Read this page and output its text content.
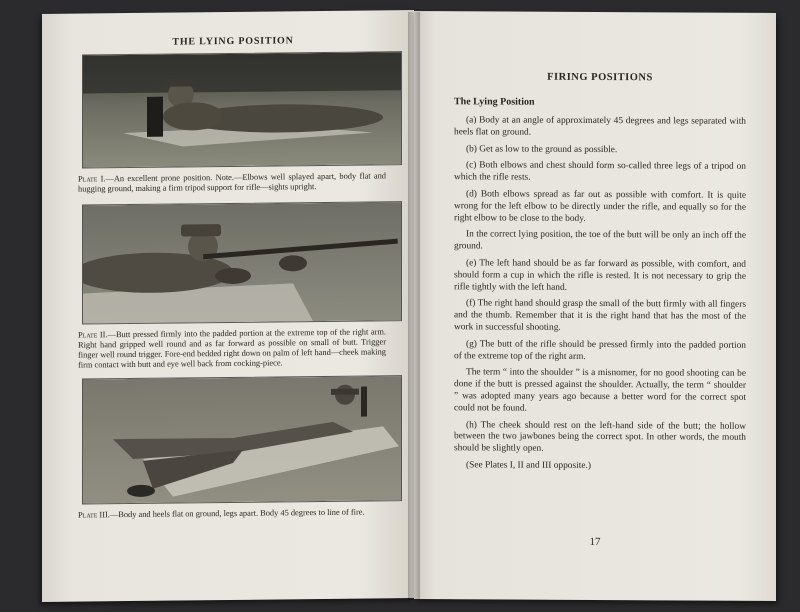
THE LYING POSITION
Plate I.—An excellent prone position. Note.—Elbows well splayed apart, body flat and hugging ground, making a firm tripod support for rifle—sights upright.
Plate II.—Butt pressed firmly into the padded portion at the extreme top of the right arm. Right hand gripped well round and as far forward as possible on small of butt. Trigger finger well round trigger. Fore-end bedded right down on palm of left hand—cheek making firm contact with butt and eye well back from cocking-piece.
Plate III.—Body and heels flat on ground, legs apart. Body 45 degrees to line of fire.
FIRING POSITIONS
The Lying Position

(a) Body at an angle of approximately 45 degrees and legs separated with heels flat on ground.

(b) Get as low to the ground as possible.

(c) Both elbows and chest should form so-called three legs of a tripod on which the rifle rests.

(d) Both elbows spread as far out as possible with comfort. It is quite wrong for the left elbow to be directly under the rifle, and equally so for the right elbow to be close to the body.

In the correct lying position, the toe of the butt will be only an inch off the ground.

(e) The left hand should be as far forward as possible, with comfort, and should form a cup in which the rifle is rested. It is not necessary to grip the rifle tightly with the left hand.

(f) The right hand should grasp the small of the butt firmly with all fingers and the thumb. Remember that it is the right hand that has the most of the work in successful shooting.

(g) The butt of the rifle should be pressed firmly into the padded portion of the extreme top of the right arm.

The term “ into the shoulder ” is a misnomer, for no good shooting can be done if the butt is pressed against the shoulder. Actually, the term “ shoulder ” was adopted many years ago because a better word for the correct spot could not be found.

(h) The cheek should rest on the left-hand side of the butt; the hollow between the two jawbones being the correct spot. In other words, the mouth should be slightly open.

(See Plates I, II and III opposite.)

17
